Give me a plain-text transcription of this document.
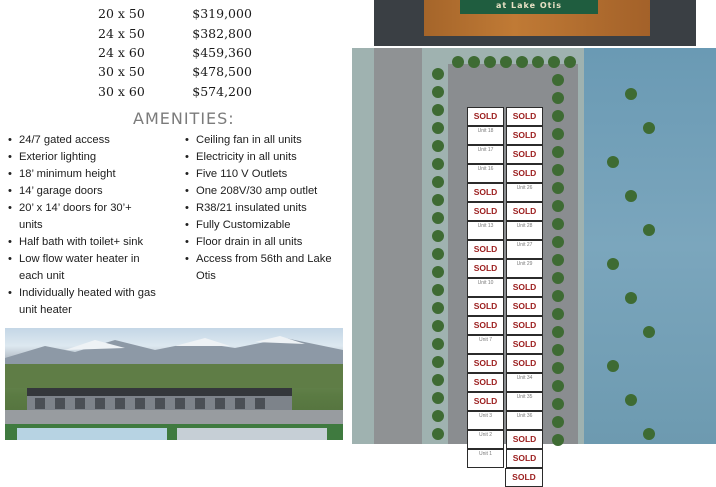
20 x 50	$319,000
24 x 50	$382,800
24 x 60	$459,360
30 x 50	$478,500
30 x 60	$574,200
AMENITIES:
• 24/7 gated access
• Exterior lighting
• 18’ minimum height
• 14’ garage doors
• 20’ x 14’ doors for 30’+ units
• Half bath with toilet+ sink
• Low flow water heater in each unit
• Individually heated with gas unit heater
• Ceiling fan in all units
• Electricity in all units
• Five 110 V Outlets
• One 208V/30 amp outlet
• R38/21 insulated units
• Fully Customizable
• Floor drain in all units
• Access from 56th and Lake Otis
at Lake Otis
SOLD	SOLD
Unit 18	SOLD
Unit 17	SOLD
Unit 16	SOLD
SOLD	Unit 26
SOLD	SOLD
Unit 13	Unit 28
SOLD	Unit 27
SOLD	Unit 29
Unit 10	SOLD
SOLD	SOLD
SOLD	SOLD
Unit 7	SOLD
SOLD	SOLD
SOLD	Unit 34
SOLD	Unit 35
Unit 3	Unit 36
Unit 2	SOLD
Unit 1	SOLD
SOLD
